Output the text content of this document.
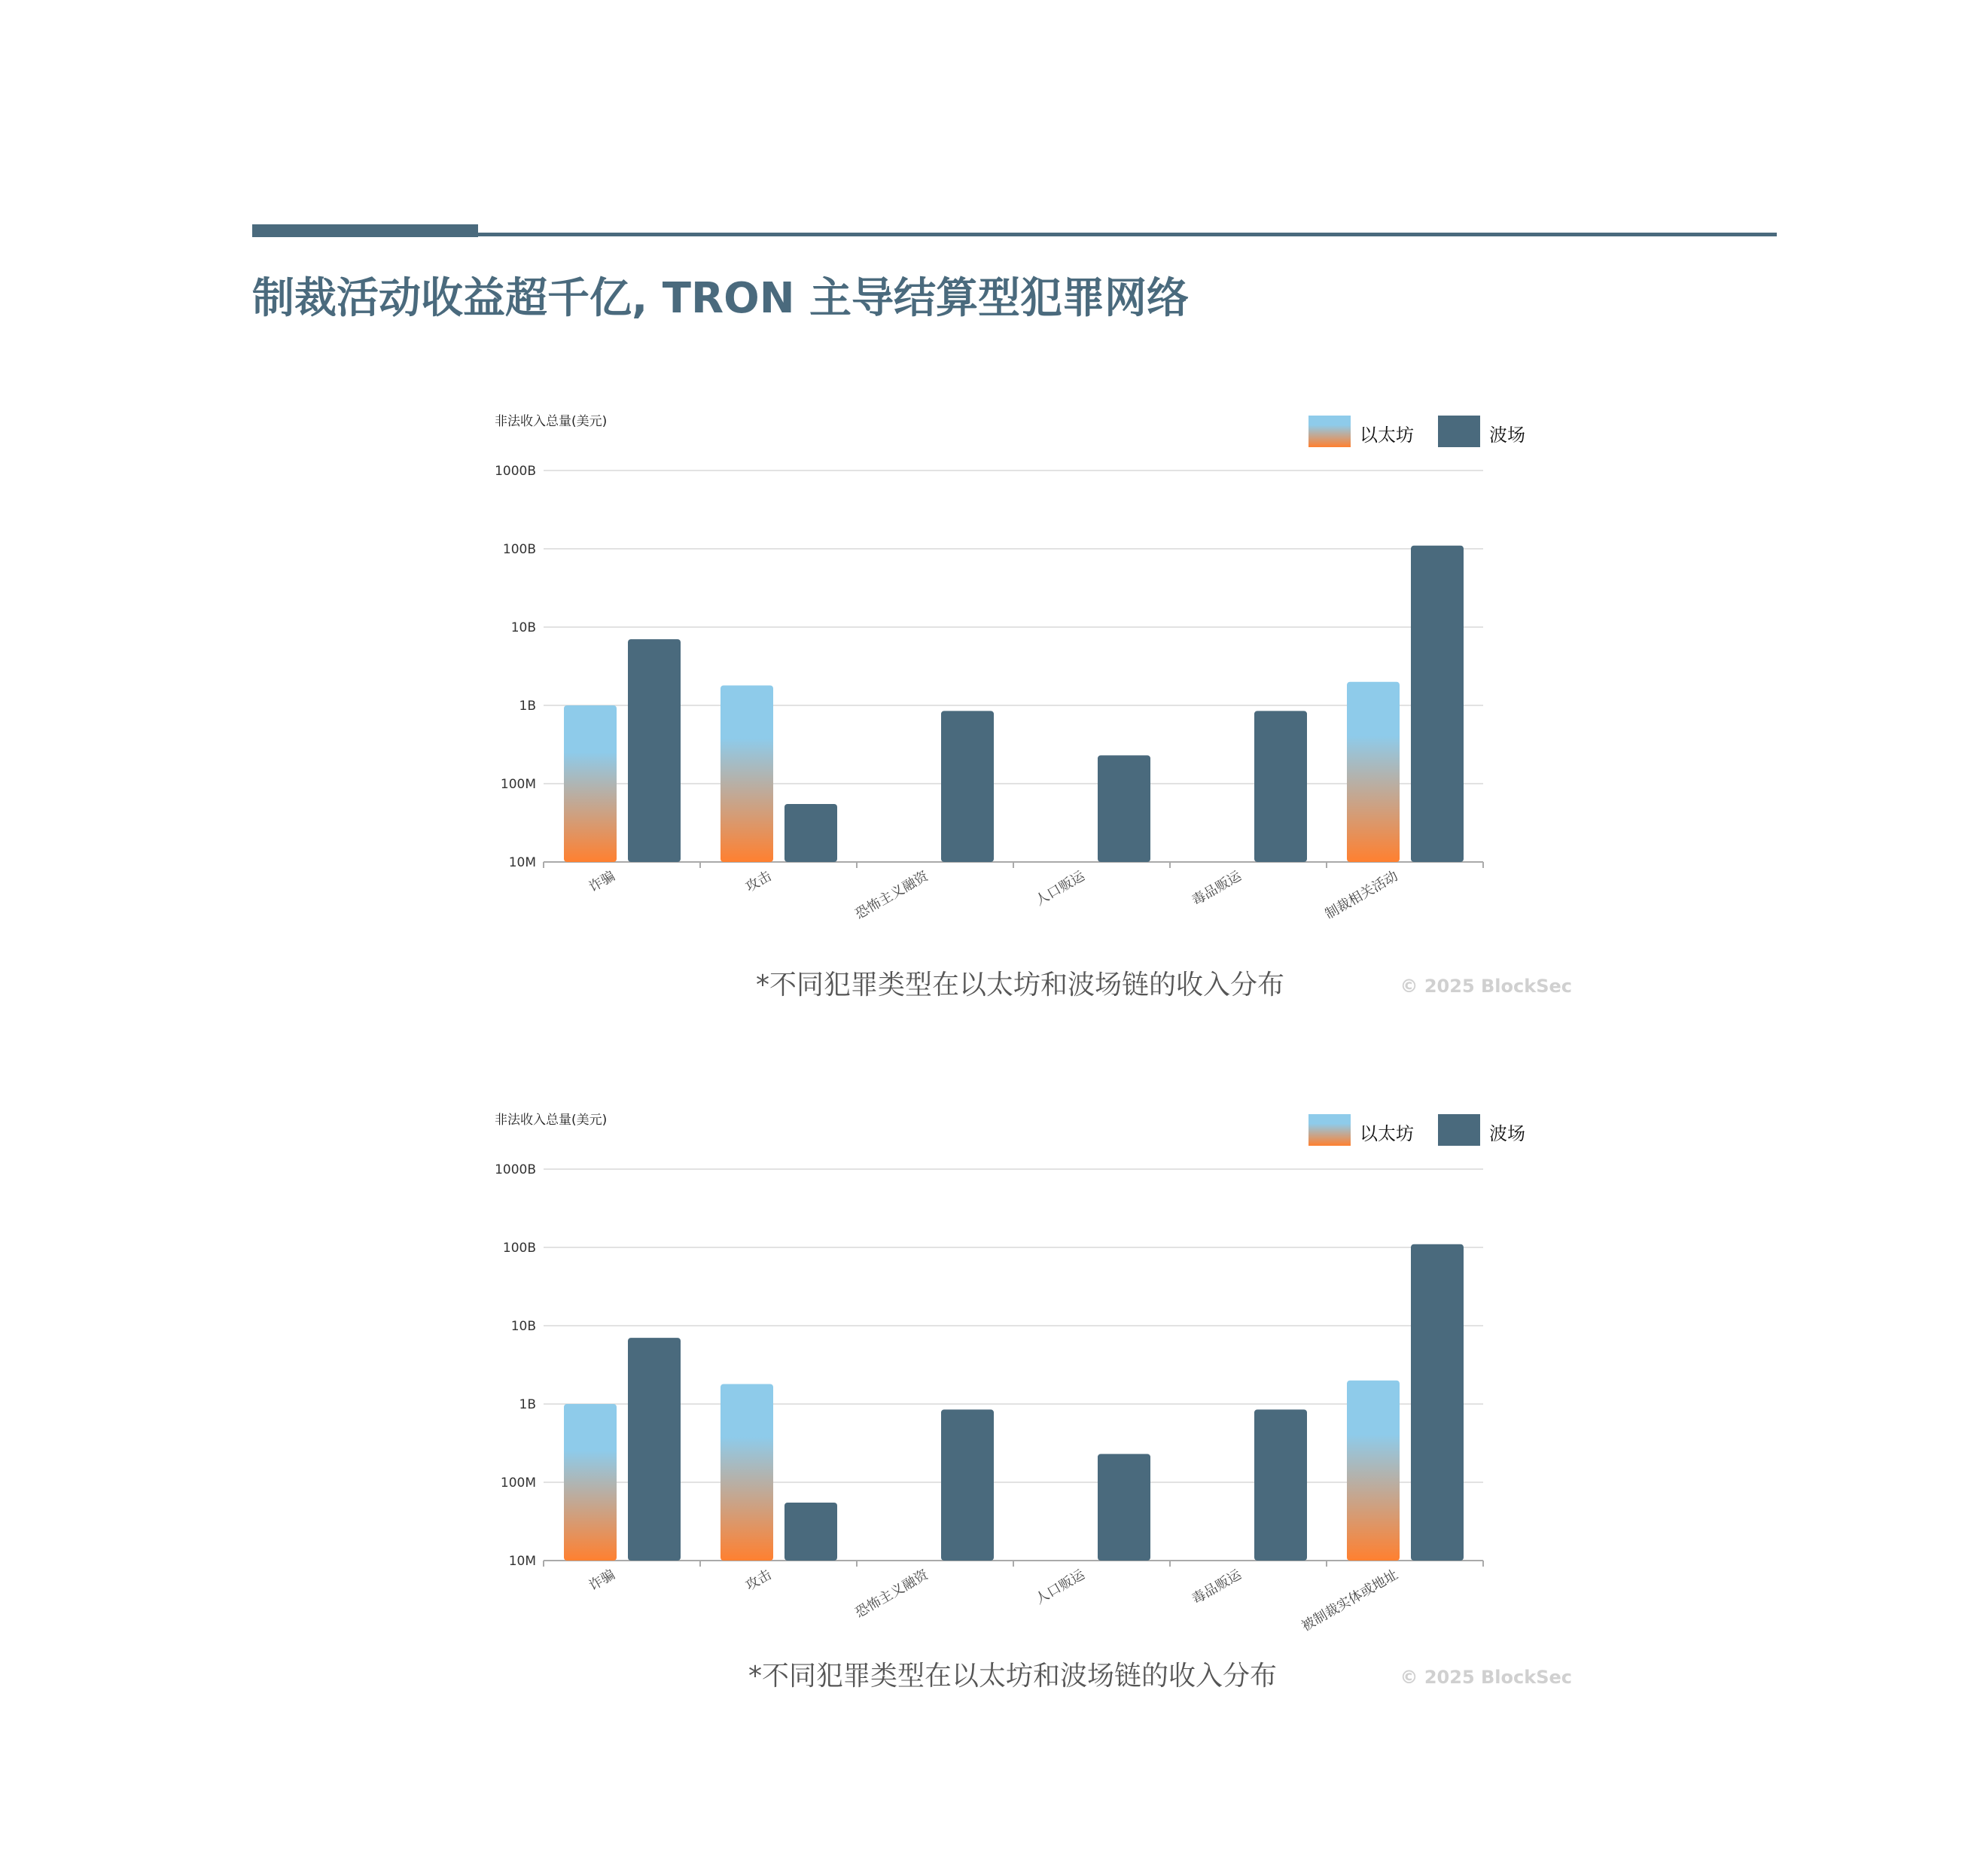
制裁活动收益超千亿, TRON 主导结算型犯罪网络
非法收入总量(美元)
10M
100M
1B
10B
100B
1000B
诈骗	攻击	恐怖主义融资	人口贩运	毒品贩运	制裁相关活动
以太坊	波场
*不同犯罪类型在以太坊和波场链的收入分布	© 2025 BlockSec
非法收入总量(美元)
10M
100M
1B
10B
100B
1000B
诈骗	攻击	恐怖主义融资	人口贩运	毒品贩运	被制裁实体或地址
以太坊	波场
*不同犯罪类型在以太坊和波场链的收入分布	© 2025 BlockSec
